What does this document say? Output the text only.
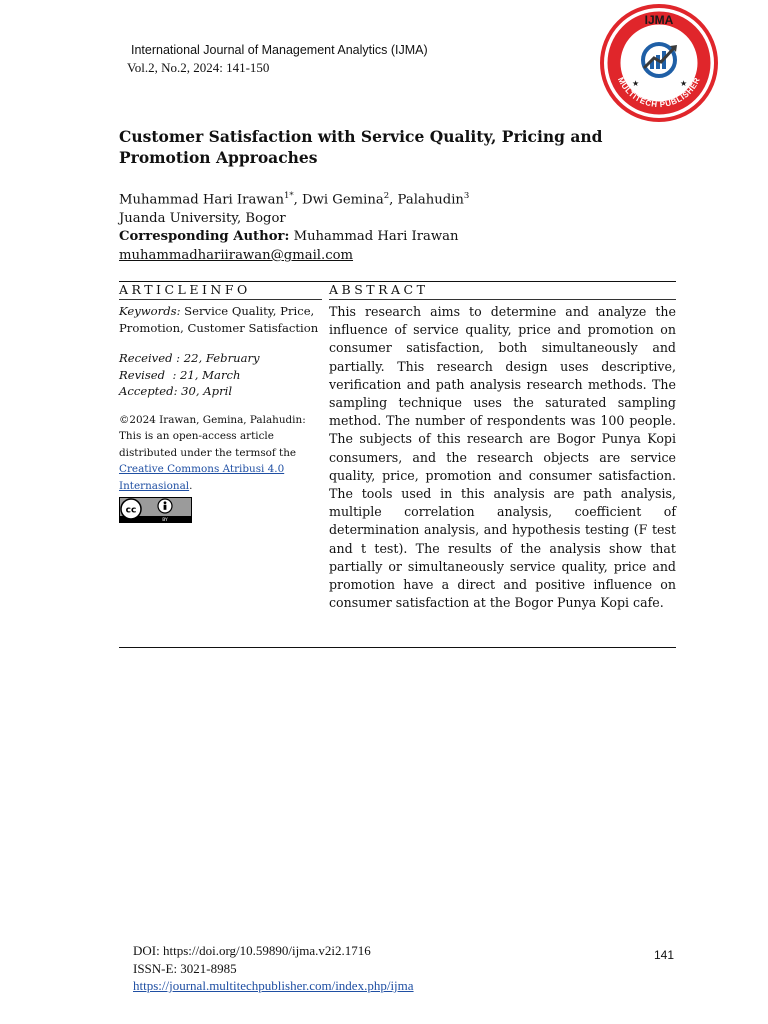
International Journal of Management Analytics (IJMA)
Vol.2, No.2, 2024: 141-150
IJMA
MULTITECH PUBLISHER
★	★
Customer Satisfaction with Service Quality, Pricing and Promotion Approaches
Muhammad Hari Irawan$^{1*}$, Dwi Gemina$^2$, Palahudin$^3$
Juanda University, Bogor
Corresponding Author: Muhammad Hari Irawan
muhammadhariirawan@gmail.com
ARTICLEINFO	ABSTRACT
Keywords: Service Quality, Price, Promotion, Customer Satisfaction
Received : 22, February
Revised  : 21, March
Accepted: 30, April
©2024 Irawan, Gemina, Palahudin: This is an open-access article distributed under the termsof the Creative Commons Atribusi 4.0 Internasional.
cc
BY
This research aims to determine and analyze the influence of service quality, price and promotion on consumer satisfaction, both simultaneously and partially. This research design uses descriptive, verification and path analysis research methods. The sampling technique uses the saturated sampling method. The number of respondents was 100 people. The subjects of this research are Bogor Punya Kopi consumers, and the research objects are service quality, price, promotion and consumer satisfaction. The tools used in this analysis are path analysis, multiple correlation analysis, coefficient of determination analysis, and hypothesis testing (F test and t test). The results of the analysis show that partially or simultaneously service quality, price and promotion have a direct and positive influence on consumer satisfaction at the Bogor Punya Kopi cafe.
DOI: https://doi.org/10.59890/ijma.v2i2.1716
ISSN-E: 3021-8985
https://journal.multitechpublisher.com/index.php/ijma
141
